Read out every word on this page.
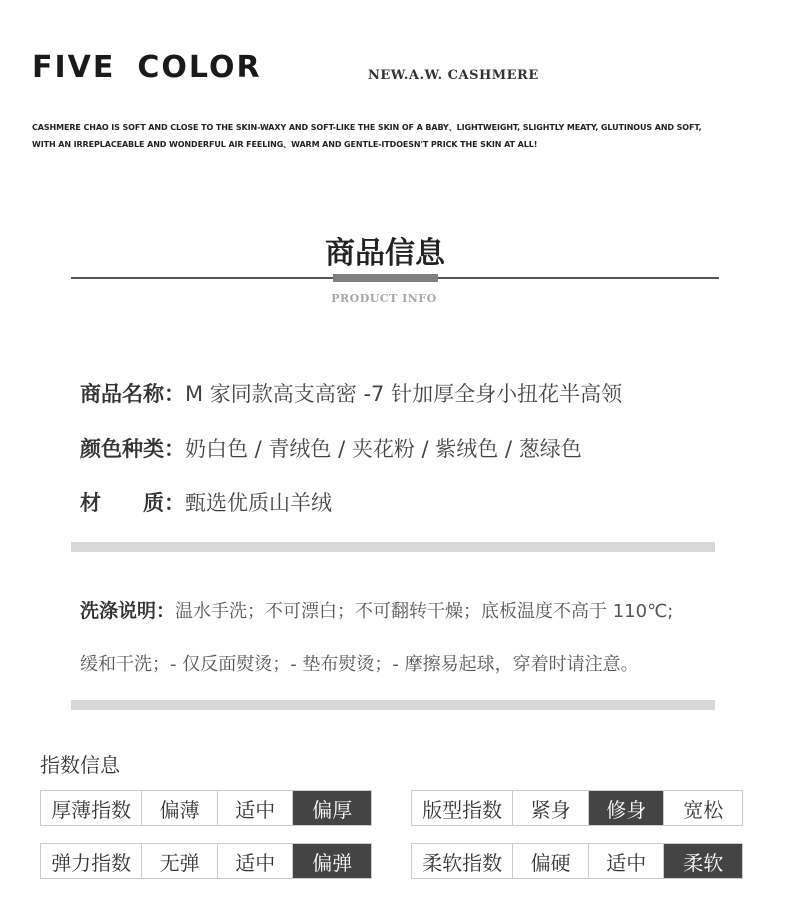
FIVE COLOR	NEW.A.W. CASHMERE
CASHMERE CHAO IS SOFT AND CLOSE TO THE SKIN-WAXY AND SOFT-LIKE THE SKIN OF A BABY、LIGHTWEIGHT, SLIGHTLY MEATY, GLUTINOUS AND SOFT,
WITH AN IRREPLACEABLE AND WONDERFUL AIR FEELING、WARM AND GENTLE-ITDOESN'T PRICK THE SKIN AT ALL!
商品信息
PRODUCT INFO
商品名称：M 家同款高支高密 -7 针加厚全身小扭花半高领
颜色种类：奶白色 / 青绒色 / 夹花粉 / 紫绒色 / 葱绿色
材 质：甄选优质山羊绒
洗涤说明：温水手洗；不可漂白；不可翻转干燥；底板温度不高于 110℃;
缓和干洗；- 仅反面熨烫；- 垫布熨烫；- 摩擦易起球，穿着时请注意。
指数信息
厚薄指数	偏薄	适中	偏厚
弹力指数	无弹	适中	偏弹
版型指数	紧身	修身	宽松
柔软指数	偏硬	适中	柔软
